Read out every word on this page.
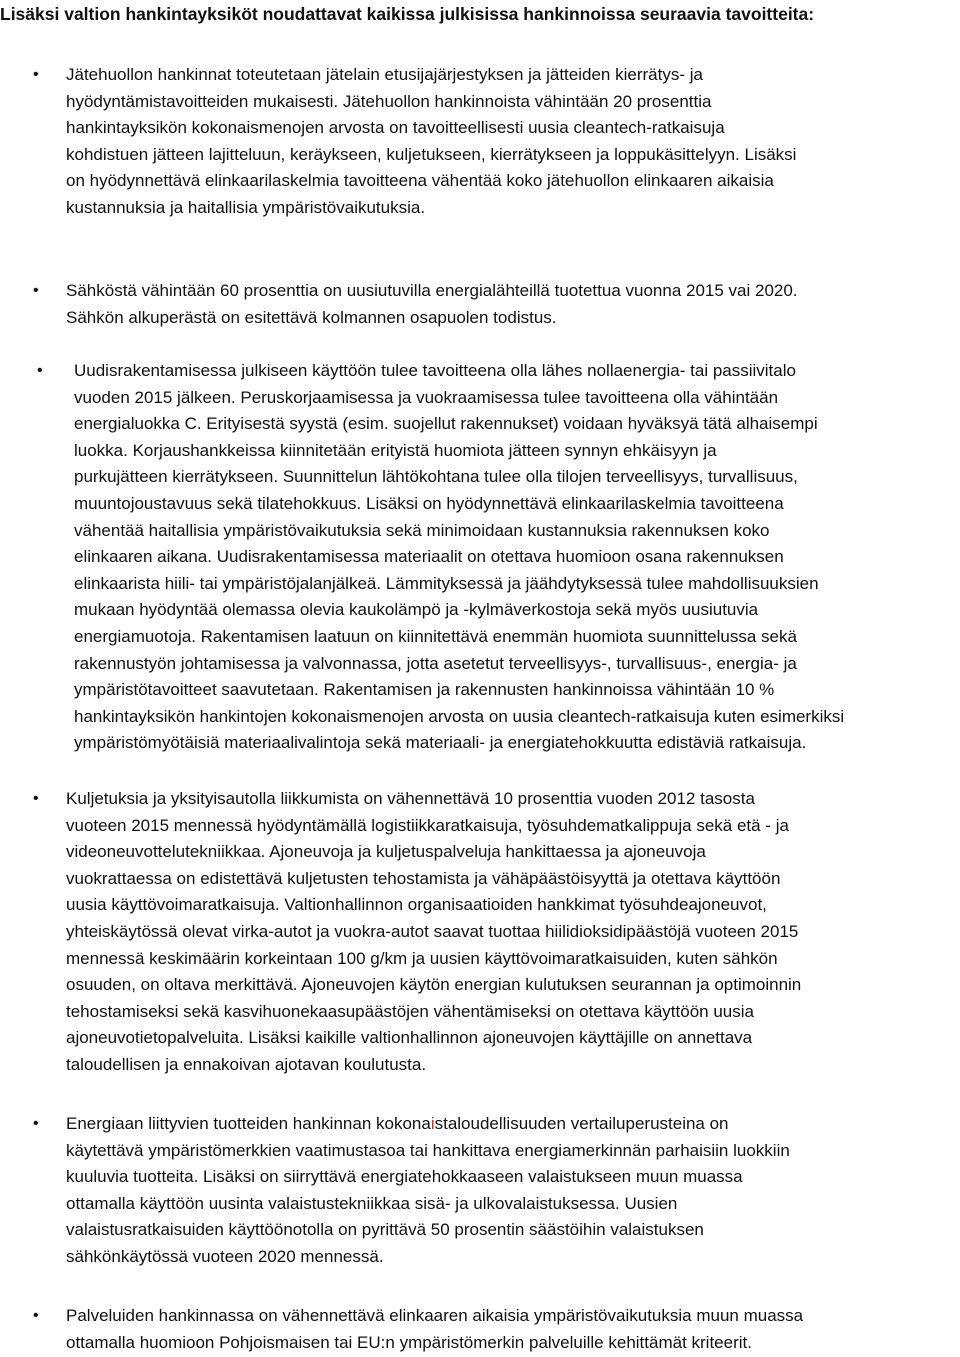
Lisäksi valtion hankintayksiköt noudattavat kaikissa julkisissa hankinnoissa seuraavia tavoitteita:
• Jätehuollon hankinnat toteutetaan jätelain etusijajärjestyksen ja jätteiden kierrätys- ja
hyödyntämistavoitteiden mukaisesti. Jätehuollon hankinnoista vähintään 20 prosenttia
hankintayksikön kokonaismenojen arvosta on tavoitteellisesti uusia cleantech-ratkaisuja
kohdistuen jätteen lajitteluun, keräykseen, kuljetukseen, kierrätykseen ja loppukäsittelyyn. Lisäksi
on hyödynnettävä elinkaarilaskelmia tavoitteena vähentää koko jätehuollon elinkaaren aikaisia
kustannuksia ja haitallisia ympäristövaikutuksia.
• Sähköstä vähintään 60 prosenttia on uusiutuvilla energialähteillä tuotettua vuonna 2015 vai 2020.
Sähkön alkuperästä on esitettävä kolmannen osapuolen todistus.
• Uudisrakentamisessa julkiseen käyttöön tulee tavoitteena olla lähes nollaenergia- tai passiivitalo
vuoden 2015 jälkeen. Peruskorjaamisessa ja vuokraamisessa tulee tavoitteena olla vähintään
energialuokka C. Erityisestä syystä (esim. suojellut rakennukset) voidaan hyväksyä tätä alhaisempi
luokka. Korjaushankkeissa kiinnitetään erityistä huomiota jätteen synnyn ehkäisyyn ja
purkujätteen kierrätykseen. Suunnittelun lähtökohtana tulee olla tilojen terveellisyys, turvallisuus,
muuntojoustavuus sekä tilatehokkuus. Lisäksi on hyödynnettävä elinkaarilaskelmia tavoitteena
vähentää haitallisia ympäristövaikutuksia sekä minimoidaan kustannuksia rakennuksen koko
elinkaaren aikana. Uudisrakentamisessa materiaalit on otettava huomioon osana rakennuksen
elinkaarista hiili- tai ympäristöjalanjälkeä. Lämmityksessä ja jäähdytyksessä tulee mahdollisuuksien
mukaan hyödyntää olemassa olevia kaukolämpö ja -kylmäverkostoja sekä myös uusiutuvia
energiamuotoja. Rakentamisen laatuun on kiinnitettävä enemmän huomiota suunnittelussa sekä
rakennustyön johtamisessa ja valvonnassa, jotta asetetut terveellisyys-, turvallisuus-, energia- ja
ympäristötavoitteet saavutetaan. Rakentamisen ja rakennusten hankinnoissa vähintään 10 %
hankintayksikön hankintojen kokonaismenojen arvosta on uusia cleantech-ratkaisuja kuten esimerkiksi
ympäristömyötäisiä materiaalivalintoja sekä materiaali- ja energiatehokkuutta edistäviä ratkaisuja.
• Kuljetuksia ja yksityisautolla liikkumista on vähennettävä 10 prosenttia vuoden 2012 tasosta
vuoteen 2015 mennessä hyödyntämällä logistiikkaratkaisuja, työsuhdematkalippuja sekä etä - ja
videoneuvottelutekniikkaa. Ajoneuvoja ja kuljetuspalveluja hankittaessa ja ajoneuvoja
vuokrattaessa on edistettävä kuljetusten tehostamista ja vähäpäästöisyyttä ja otettava käyttöön
uusia käyttövoimaratkaisuja. Valtionhallinnon organisaatioiden hankkimat työsuhdeajoneuvot,
yhteiskäytössä olevat virka-autot ja vuokra-autot saavat tuottaa hiilidioksidipäästöjä vuoteen 2015
mennessä keskimäärin korkeintaan 100 g/km ja uusien käyttövoimaratkaisuiden, kuten sähkön
osuuden, on oltava merkittävä. Ajoneuvojen käytön energian kulutuksen seurannan ja optimoinnin
tehostamiseksi sekä kasvihuonekaasupäästöjen vähentämiseksi on otettava käyttöön uusia
ajoneuvotietopalveluita. Lisäksi kaikille valtionhallinnon ajoneuvojen käyttäjille on annettava
taloudellisen ja ennakoivan ajotavan koulutusta.
• Energiaan liittyvien tuotteiden hankinnan kokonaistaloudellisuuden vertailuperusteina on
käytettävä ympäristömerkkien vaatimustasoa tai hankittava energiamerkinnän parhaisiin luokkiin
kuuluvia tuotteita. Lisäksi on siirryttävä energiatehokkaaseen valaistukseen muun muassa
ottamalla käyttöön uusinta valaistustekniikkaa sisä- ja ulkovalaistuksessa. Uusien
valaistusratkaisuiden käyttöönotolla on pyrittävä 50 prosentin säästöihin valaistuksen
sähkönkäytössä vuoteen 2020 mennessä.
• Palveluiden hankinnassa on vähennettävä elinkaaren aikaisia ympäristövaikutuksia muun muassa
ottamalla huomioon Pohjoismaisen tai EU:n ympäristömerkin palveluille kehittämät kriteerit.
